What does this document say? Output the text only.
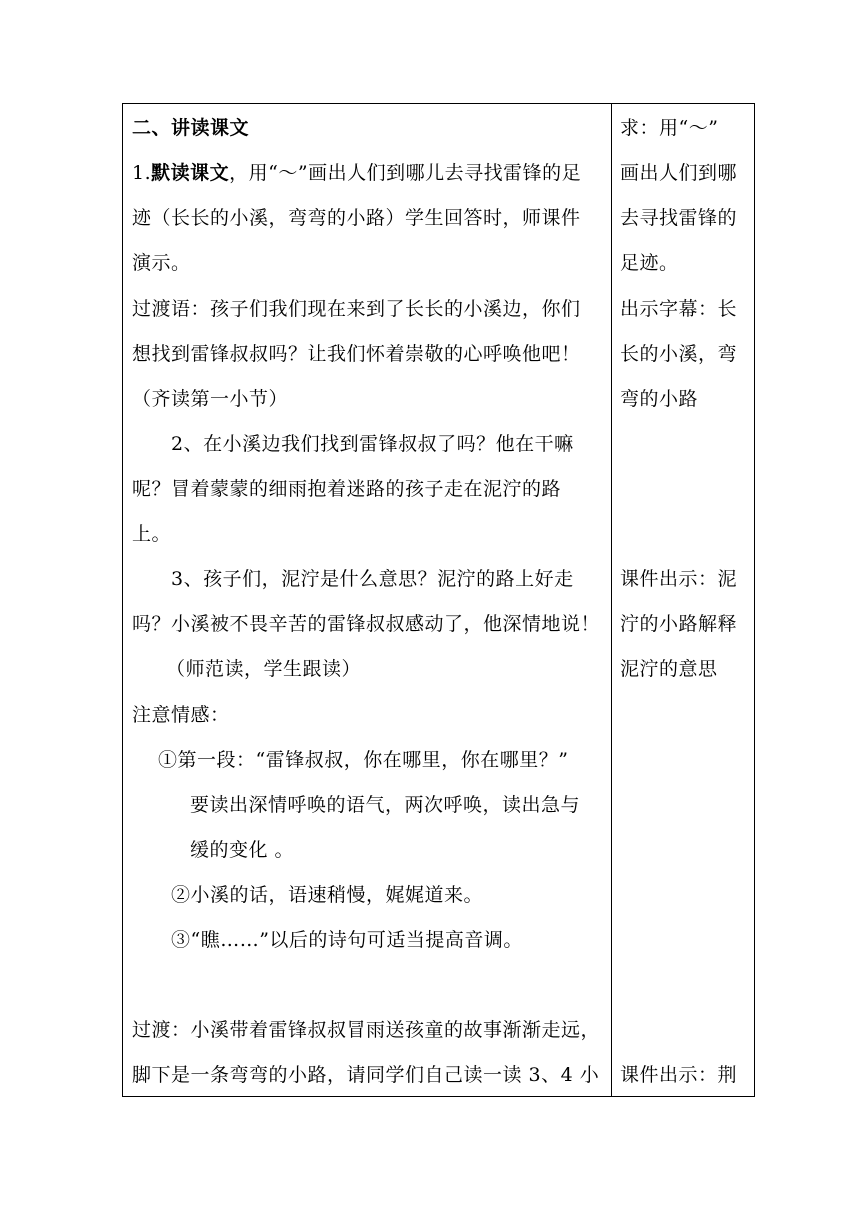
二、讲读课文
1.默读课文，用“～”画出人们到哪儿去寻找雷锋的足
迹（长长的小溪，弯弯的小路）学生回答时，师课件
演示。
过渡语：孩子们我们现在来到了长长的小溪边，你们
想找到雷锋叔叔吗？让我们怀着崇敬的心呼唤他吧！
（齐读第一小节）
2、在小溪边我们找到雷锋叔叔了吗？他在干嘛
呢？冒着蒙蒙的细雨抱着迷路的孩子走在泥泞的路
上。
3、孩子们，泥泞是什么意思？泥泞的路上好走
吗？小溪被不畏辛苦的雷锋叔叔感动了，他深情地说！
（师范读，学生跟读）
注意情感：
①第一段：“雷锋叔叔，你在哪里，你在哪里？”
要读出深情呼唤的语气，两次呼唤，读出急与
缓的变化 。
②小溪的话，语速稍慢，娓娓道来。
③“瞧……”以后的诗句可适当提高音调。
过渡：小溪带着雷锋叔叔冒雨送孩童的故事渐渐走远，
脚下是一条弯弯的小路，请同学们自己读一读 3、4 小
求：用“～”
画出人们到哪
去寻找雷锋的
足迹。
出示字幕：长
长的小溪，弯
弯的小路
课件出示：泥
泞的小路解释
泥泞的意思
课件出示：荆
